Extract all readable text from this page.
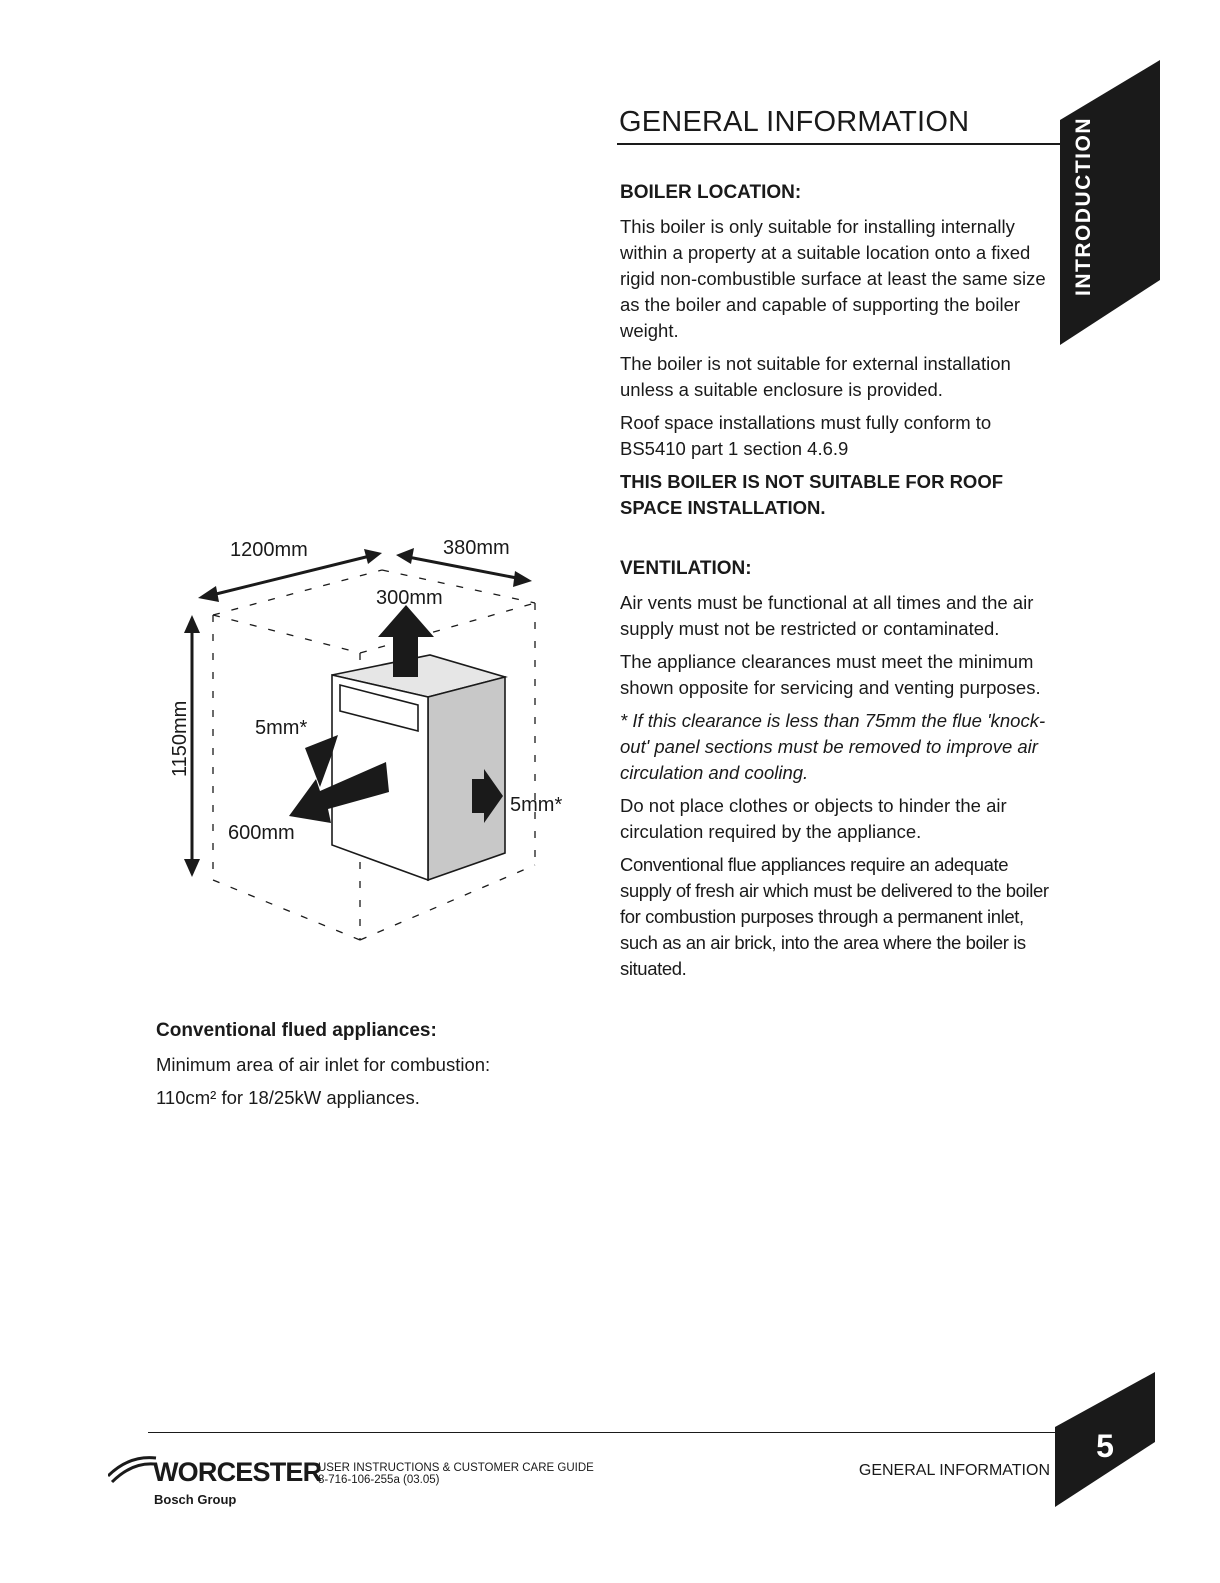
GENERAL INFORMATION	INTRODUCTION
BOILER LOCATION:

This boiler is only suitable for installing internally within a property at a suitable location onto a fixed rigid non-combustible surface at least the same size as the boiler and capable of supporting the boiler weight.

The boiler is not suitable for external installation unless a suitable enclosure is provided.

Roof space installations must fully conform to BS5410 part 1 section 4.6.9

THIS BOILER IS NOT SUITABLE FOR ROOF SPACE INSTALLATION.

VENTILATION:

Air vents must be functional at all times and the air supply must not be restricted or contaminated.

The appliance clearances must meet the minimum shown opposite for servicing and venting purposes.

* If this clearance is less than 75mm the flue 'knock-out' panel sections must be removed to improve air circulation and cooling.

Do not place clothes or objects to hinder the air circulation required by the appliance.

Conventional flue appliances require an adequate supply of fresh air which must be delivered to the boiler for combustion purposes through a permanent inlet, such as an air brick, into the area where the boiler is situated.

1200mm	380mm
300mm
5mm*
5mm*
600mm
1150mm
Conventional flued appliances:

Minimum area of air inlet for combustion:

110cm² for 18/25kW appliances.

WORCESTER
Bosch Group
USER INSTRUCTIONS & CUSTOMER CARE GUIDE
8-716-106-255a (03.05)
GENERAL INFORMATION
5
